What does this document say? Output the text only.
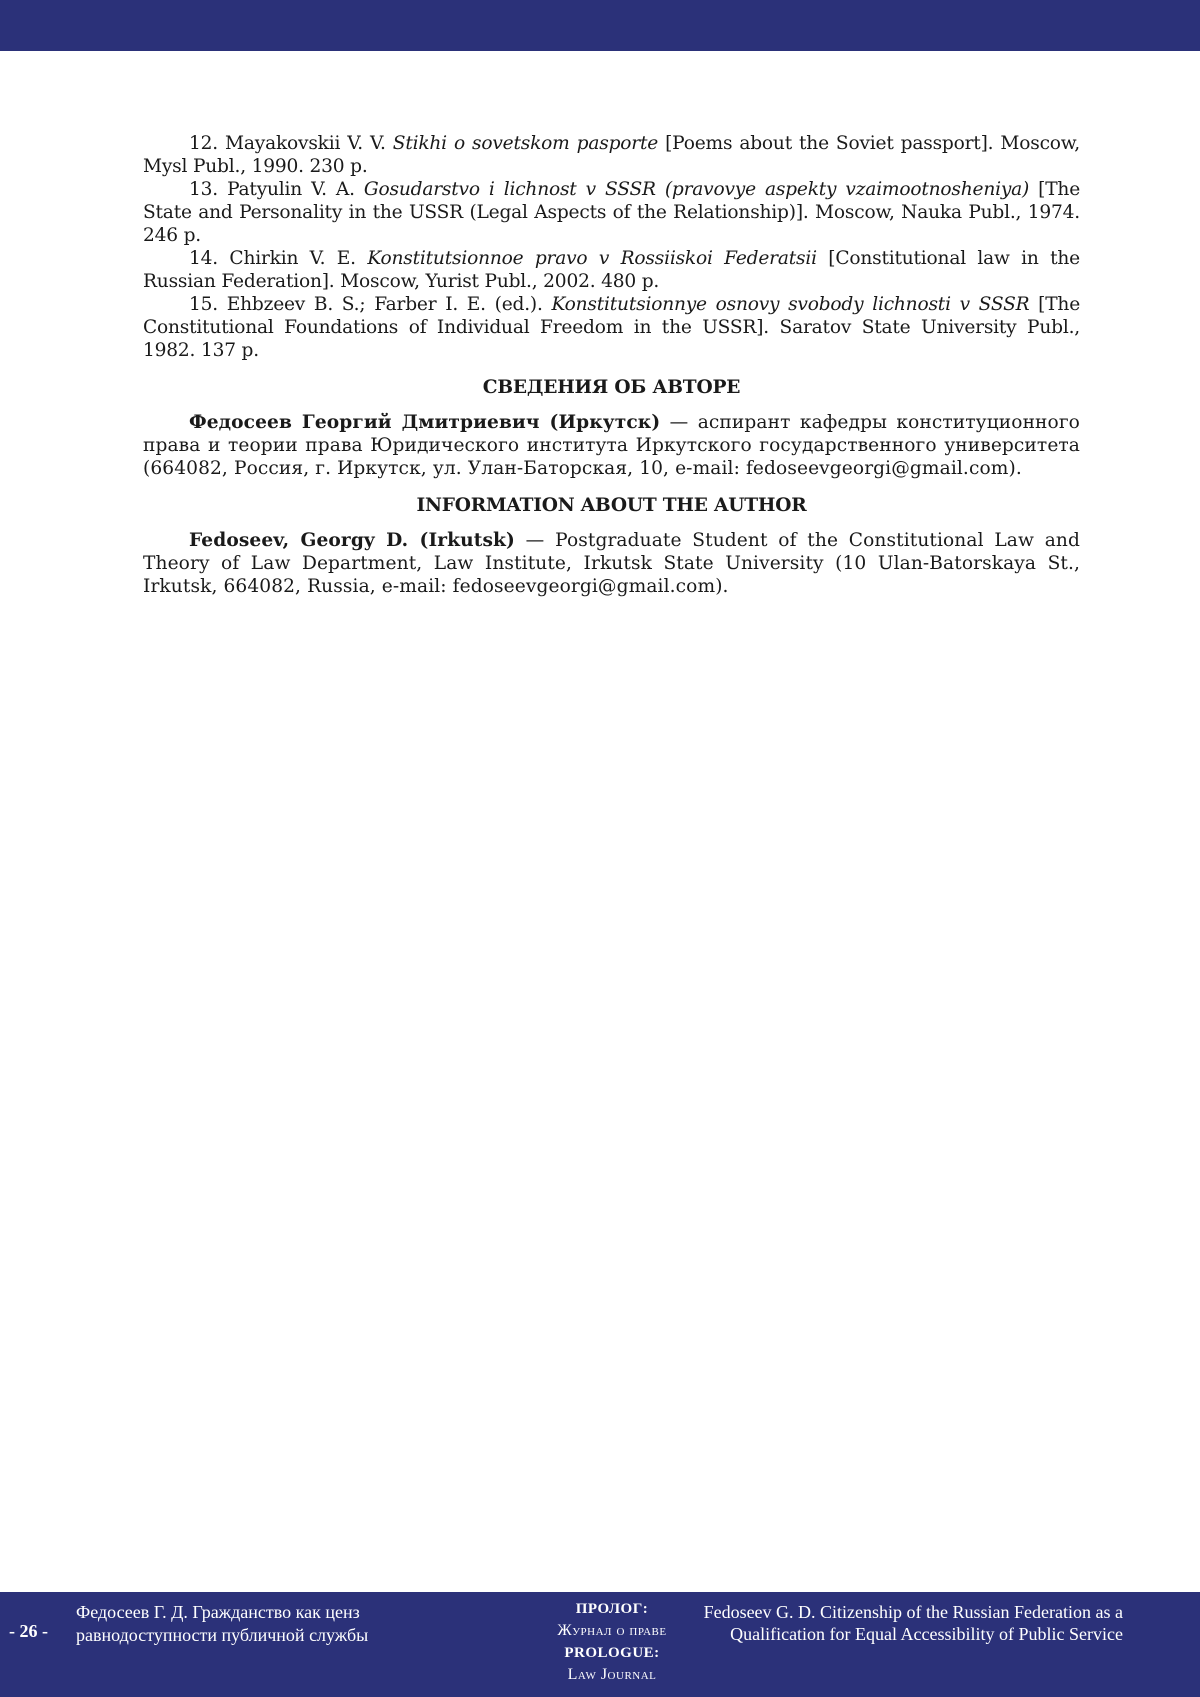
12. Mayakovskii V. V. Stikhi o sovetskom pasporte [Poems about the Soviet passport]. Moscow, Mysl Publ., 1990. 230 p.

13. Patyulin V. A. Gosudarstvo i lichnost v SSSR (pravovye aspekty vzaimootnosheniya) [The State and Personality in the USSR (Legal Aspects of the Relationship)]. Moscow, Nauka Publ., 1974. 246 p.

14. Chirkin V. E. Konstitutsionnoe pravo v Rossiiskoi Federatsii [Constitutional law in the Russian Federation]. Moscow, Yurist Publ., 2002. 480 p.

15. Ehbzeev B. S.; Farber I. E. (ed.). Konstitutsionnye osnovy svobody lichnosti v SSSR [The Constitutional Foundations of Individual Freedom in the USSR]. Saratov State University Publ., 1982. 137 p.

СВЕДЕНИЯ ОБ АВТОРЕ

Федосеев Георгий Дмитриевич (Иркутск) — аспирант кафедры конституционного права и теории права Юридического института Иркутского государственного университета (664082, Россия, г. Иркутск, ул. Улан-Баторская, 10, e-mail: fedoseevgeorgi@gmail.com).

INFORMATION ABOUT THE AUTHOR

Fedoseev, Georgy D. (Irkutsk) — Postgraduate Student of the Constitutional Law and Theory of Law Department, Law Institute, Irkutsk State University (10 Ulan-Batorskaya St., Irkutsk, 664082, Russia, e-mail: fedoseevgeorgi@gmail.com).

- 26 -
Федосеев Г. Д. Гражданство как ценз равнодоступности публичной службы
ПРОЛОГ:
Журнал о праве
PROLOGUE:
Law Journal
Fedoseev G. D. Citizenship of the Russian Federation as a Qualification for Equal Accessibility of Public Service
